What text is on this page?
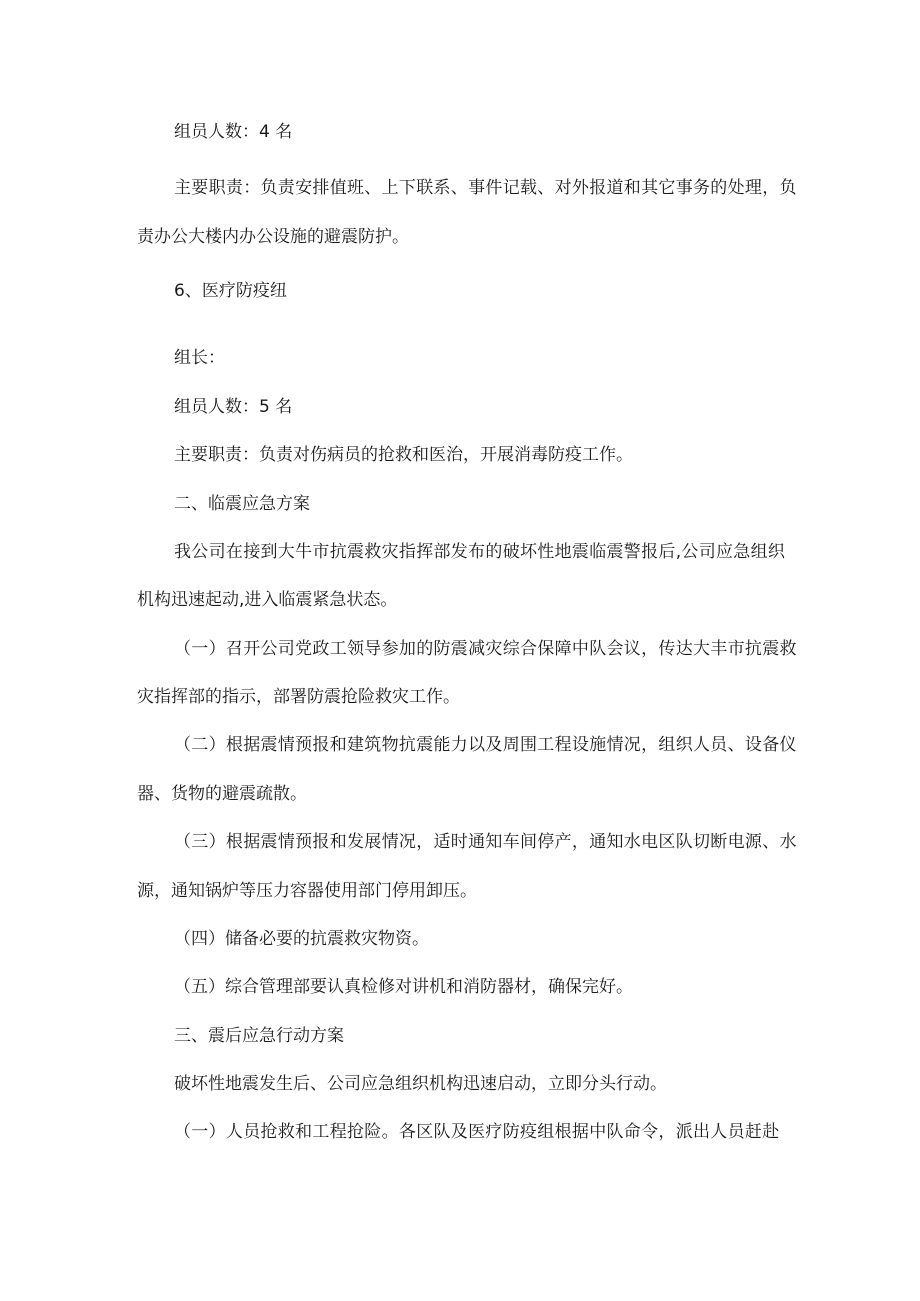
组员人数：4 名

主要职责：负责安排值班、上下联系、事件记载、对外报道和其它事务的处理，负

责办公大楼内办公设施的避震防护。

6、医疗防疫纽

组长：

组员人数：5 名

主要职责：负责对伤病员的抢救和医治，开展消毒防疫工作。

二、临震应急方案

我公司在接到大牛市抗震救灾指挥部发布的破坏性地震临震警报后,公司应急组织

机构迅速起动,进入临震紧急状态。

（一）召开公司党政工领导参加的防震减灾综合保障中队会议，传达大丰市抗震救

灾指挥部的指示，部署防震抢险救灾工作。

（二）根据震情预报和建筑物抗震能力以及周围工程设施情况，组织人员、设备仪

器、货物的避震疏散。

（三）根据震情预报和发展情况，适时通知车间停产，通知水电区队切断电源、水

源，通知锅炉等压力容器使用部门停用卸压。

（四）储备必要的抗震救灾物资。

（五）综合管理部要认真检修对讲机和消防器材，确保完好。

三、震后应急行动方案

破坏性地震发生后、公司应急组织机构迅速启动，立即分头行动。

（一）人员抢救和工程抢险。各区队及医疗防疫组根据中队命令，派出人员赶赴
